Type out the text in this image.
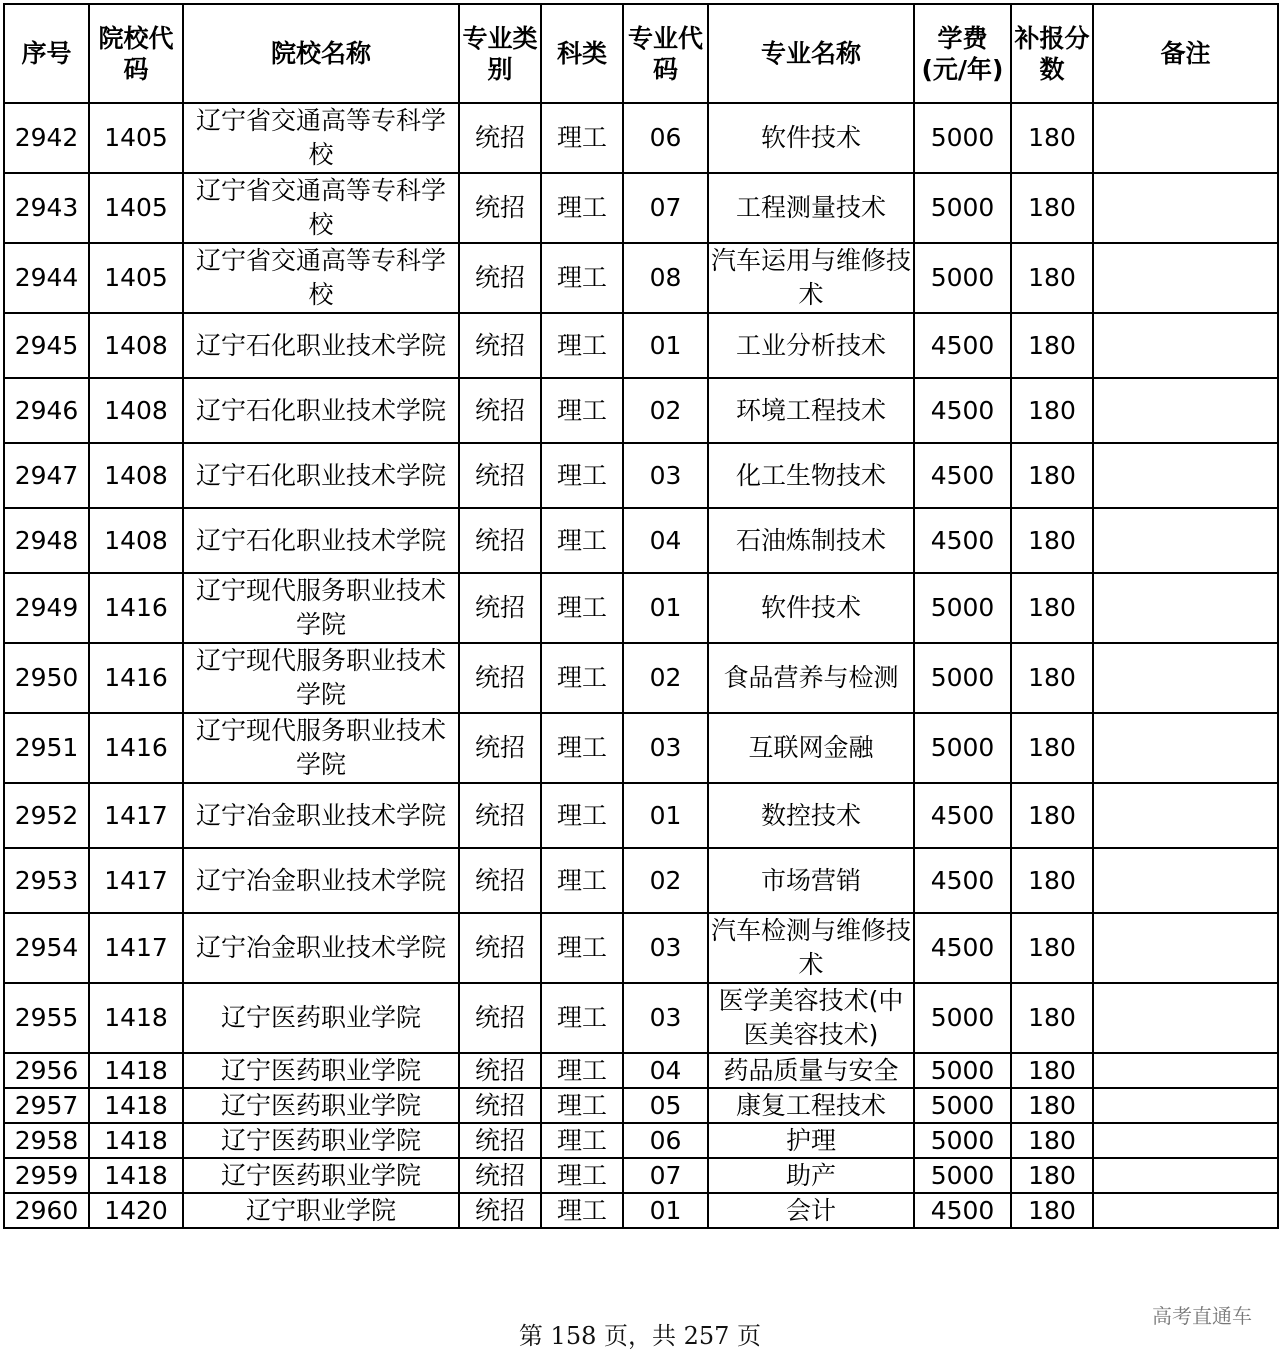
序号	院校代码	院校名称	专业类别	科类	专业代码	专业名称	学费(元/年)	补报分数	备注
2942	1405	辽宁省交通高等专科学校	统招	理工	06	软件技术	5000	180	
2943	1405	辽宁省交通高等专科学校	统招	理工	07	工程测量技术	5000	180	
2944	1405	辽宁省交通高等专科学校	统招	理工	08	汽车运用与维修技术	5000	180	
2945	1408	辽宁石化职业技术学院	统招	理工	01	工业分析技术	4500	180	
2946	1408	辽宁石化职业技术学院	统招	理工	02	环境工程技术	4500	180	
2947	1408	辽宁石化职业技术学院	统招	理工	03	化工生物技术	4500	180	
2948	1408	辽宁石化职业技术学院	统招	理工	04	石油炼制技术	4500	180	
2949	1416	辽宁现代服务职业技术学院	统招	理工	01	软件技术	5000	180	
2950	1416	辽宁现代服务职业技术学院	统招	理工	02	食品营养与检测	5000	180	
2951	1416	辽宁现代服务职业技术学院	统招	理工	03	互联网金融	5000	180	
2952	1417	辽宁冶金职业技术学院	统招	理工	01	数控技术	4500	180	
2953	1417	辽宁冶金职业技术学院	统招	理工	02	市场营销	4500	180	
2954	1417	辽宁冶金职业技术学院	统招	理工	03	汽车检测与维修技术	4500	180	
2955	1418	辽宁医药职业学院	统招	理工	03	医学美容技术(中医美容技术)	5000	180	
2956	1418	辽宁医药职业学院	统招	理工	04	药品质量与安全	5000	180	
2957	1418	辽宁医药职业学院	统招	理工	05	康复工程技术	5000	180	
2958	1418	辽宁医药职业学院	统招	理工	06	护理	5000	180	
2959	1418	辽宁医药职业学院	统招	理工	07	助产	5000	180	
2960	1420	辽宁职业学院	统招	理工	01	会计	4500	180	
第 158 页，共 257 页
高考直通车
